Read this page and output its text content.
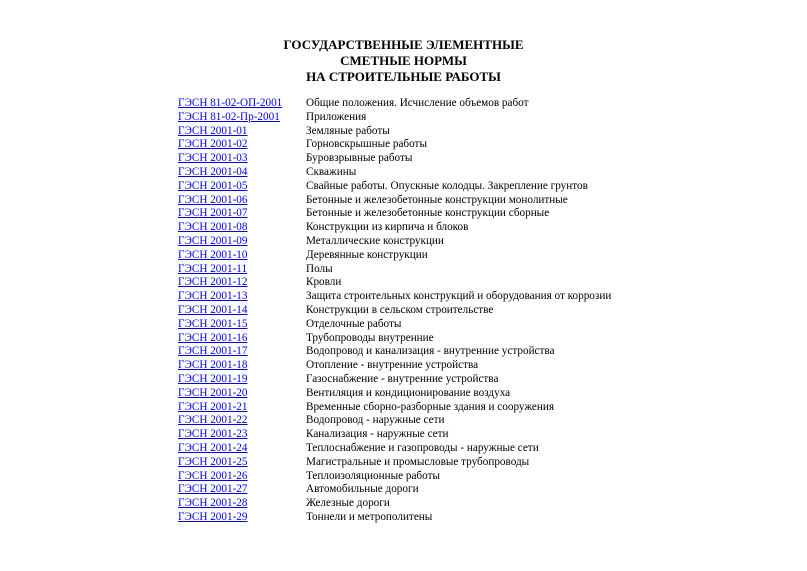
ГОСУДАРСТВЕННЫЕ ЭЛЕМЕНТНЫЕ
СМЕТНЫЕ НОРМЫ
НА СТРОИТЕЛЬНЫЕ РАБОТЫ
ГЭСН 81-02-ОП-2001	Общие положения. Исчисление объемов работ
ГЭСН 81-02-Пр-2001	Приложения
ГЭСН 2001-01	Земляные работы
ГЭСН 2001-02	Горновскрышные работы
ГЭСН 2001-03	Буровзрывные работы
ГЭСН 2001-04	Скважины
ГЭСН 2001-05	Свайные работы. Опускные колодцы. Закрепление грунтов
ГЭСН 2001-06	Бетонные и железобетонные конструкции монолитные
ГЭСН 2001-07	Бетонные и железобетонные конструкции сборные
ГЭСН 2001-08	Конструкции из кирпича и блоков
ГЭСН 2001-09	Металлические конструкции
ГЭСН 2001-10	Деревянные конструкции
ГЭСН 2001-11	Полы
ГЭСН 2001-12	Кровли
ГЭСН 2001-13	Защита строительных конструкций и оборудования от коррозии
ГЭСН 2001-14	Конструкции в сельском строительстве
ГЭСН 2001-15	Отделочные работы
ГЭСН 2001-16	Трубопроводы внутренние
ГЭСН 2001-17	Водопровод и канализация - внутренние устройства
ГЭСН 2001-18	Отопление - внутренние устройства
ГЭСН 2001-19	Газоснабжение - внутренние устройства
ГЭСН 2001-20	Вентиляция и кондиционирование воздуха
ГЭСН 2001-21	Временные сборно-разборные здания и сооружения
ГЭСН 2001-22	Водопровод - наружные сети
ГЭСН 2001-23	Канализация - наружные сети
ГЭСН 2001-24	Теплоснабжение и газопроводы - наружные сети
ГЭСН 2001-25	Магистральные и промысловые трубопроводы
ГЭСН 2001-26	Теплоизоляционные работы
ГЭСН 2001-27	Автомобильные дороги
ГЭСН 2001-28	Железные дороги
ГЭСН 2001-29	Тоннели и метрополитены
